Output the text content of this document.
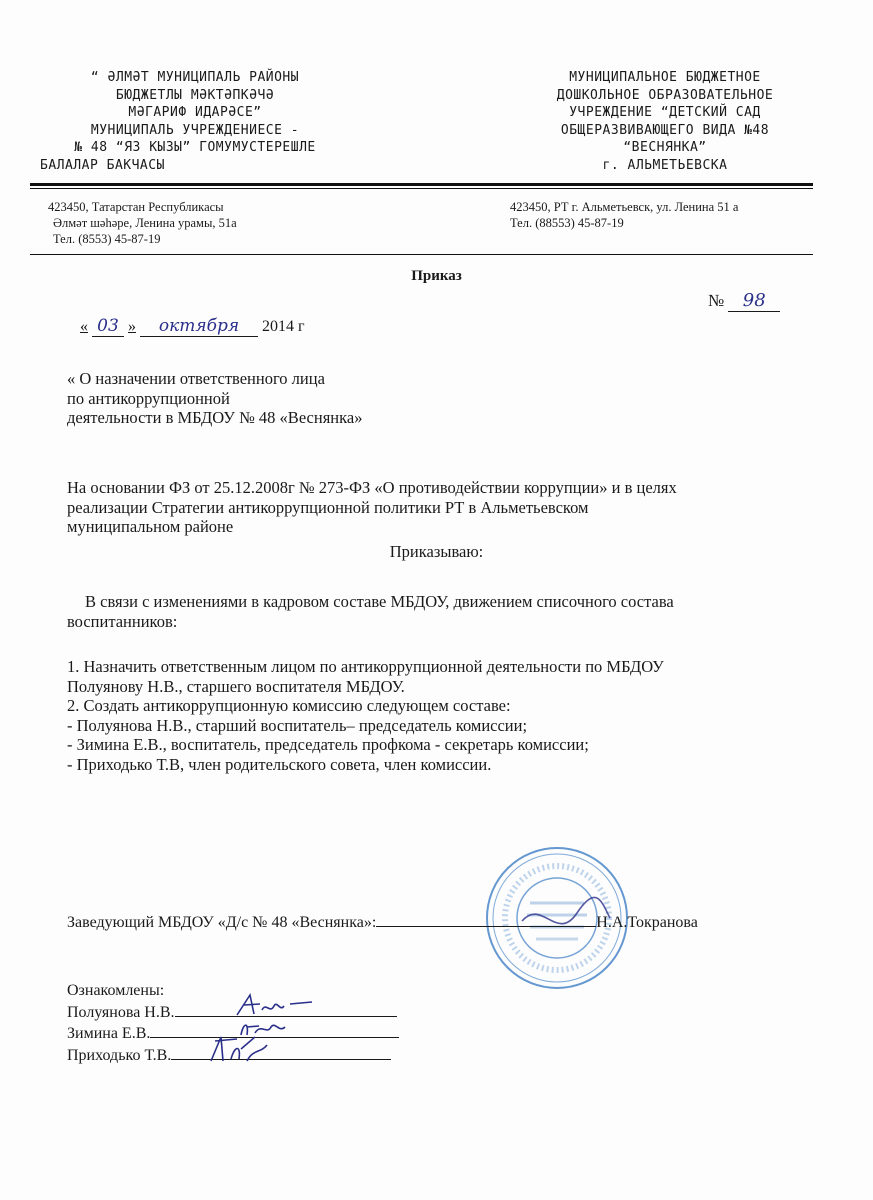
“ ӘЛМӘТ МУНИЦИПАЛЬ РАЙОНЫ
БЮДЖЕТЛЫ МӘКТӘПКӘЧӘ
МӘГАРИФ ИДАРӘСЕ”
МУНИЦИПАЛЬ УЧРЕЖДЕНИЕСЕ -
№ 48 “ЯЗ КЫЗЫ” ГОМУМУСТЕРЕШЛЕ
БАЛАЛАР БАКЧАСЫ
МУНИЦИПАЛЬНОЕ БЮДЖЕТНОЕ
ДОШКОЛЬНОЕ ОБРАЗОВАТЕЛЬНОЕ
УЧРЕЖДЕНИЕ “ДЕТСКИЙ САД
ОБЩЕРАЗВИВАЮЩЕГО ВИДА №48
“ВЕСНЯНКА”
г. АЛЬМЕТЬЕВСКА
423450, Татарстан Республикасы
Әлмәт шәһәре, Ленина урамы, 51а
Тел. (8553) 45-87-19
423450, РТ г. Альметьевск, ул. Ленина 51 а
Тел. (88553) 45-87-19
Приказ
№ 98
« 03 » октября 2014 г
« О назначении ответственного лица
по антикоррупционной
деятельности в МБДОУ № 48 «Веснянка»
На основании ФЗ от 25.12.2008г № 273-ФЗ «О противодействии коррупции» и в целях
реализации Стратегии антикоррупционной политики РТ в Альметьевском
муниципальном районе
Приказываю:
В связи с изменениями в кадровом составе МБДОУ, движением списочного состава
воспитанников:
1. Назначить ответственным лицом по антикоррупционной деятельности по МБДОУ
Полуянову Н.В., старшего воспитателя МБДОУ.
2. Создать антикоррупционную комиссию следующем составе:
- Полуянова Н.В., старший воспитатель– председатель комиссии;
- Зимина Е.В., воспитатель, председатель профкома - секретарь комиссии;
- Приходько Т.В, член родительского совета, член комиссии.
Заведующий МБДОУ «Д/с № 48 «Веснянка»:	Н.А.Токранова
Ознакомлены:
Полуянова Н.В.
Зимина Е.В.
Приходько Т.В.
